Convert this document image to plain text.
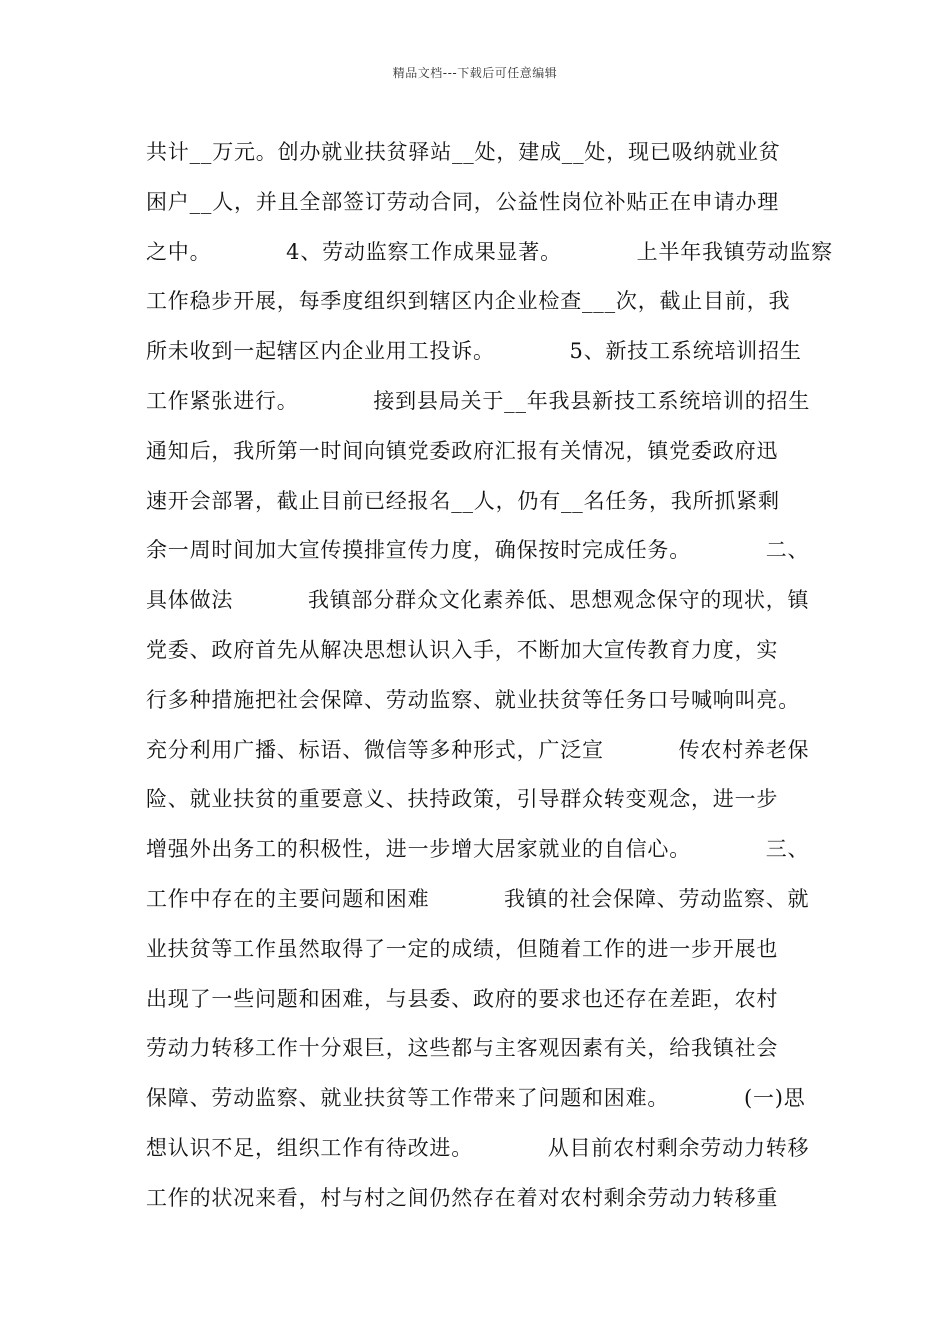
精品文档---下载后可任意编辑
共计__万元。创办就业扶贫驿站__处，建成__处，现已吸纳就业贫
困户__人，并且全部签订劳动合同，公益性岗位补贴正在申请办理
之中。          4、劳动监察工作成果显著。          上半年我镇劳动监察
工作稳步开展，每季度组织到辖区内企业检查___次，截止目前，我
所未收到一起辖区内企业用工投诉。          5、新技工系统培训招生
工作紧张进行。          接到县局关于__年我县新技工系统培训的招生
通知后，我所第一时间向镇党委政府汇报有关情况，镇党委政府迅
速开会部署，截止目前已经报名__人，仍有__名任务，我所抓紧剩
余一周时间加大宣传摸排宣传力度，确保按时完成任务。          二、
具体做法          我镇部分群众文化素养低、思想观念保守的现状，镇
党委、政府首先从解决思想认识入手，不断加大宣传教育力度，实
行多种措施把社会保障、劳动监察、就业扶贫等任务口号喊响叫亮。
充分利用广播、标语、微信等多种形式，广泛宣          传农村养老保
险、就业扶贫的重要意义、扶持政策，引导群众转变观念，进一步
增强外出务工的积极性，进一步增大居家就业的自信心。          三、
工作中存在的主要问题和困难          我镇的社会保障、劳动监察、就
业扶贫等工作虽然取得了一定的成绩，但随着工作的进一步开展也
出现了一些问题和困难，与县委、政府的要求也还存在差距，农村
劳动力转移工作十分艰巨，这些都与主客观因素有关，给我镇社会
保障、劳动监察、就业扶贫等工作带来了问题和困难。          (一)思
想认识不足，组织工作有待改进。          从目前农村剩余劳动力转移
工作的状况来看，村与村之间仍然存在着对农村剩余劳动力转移重
